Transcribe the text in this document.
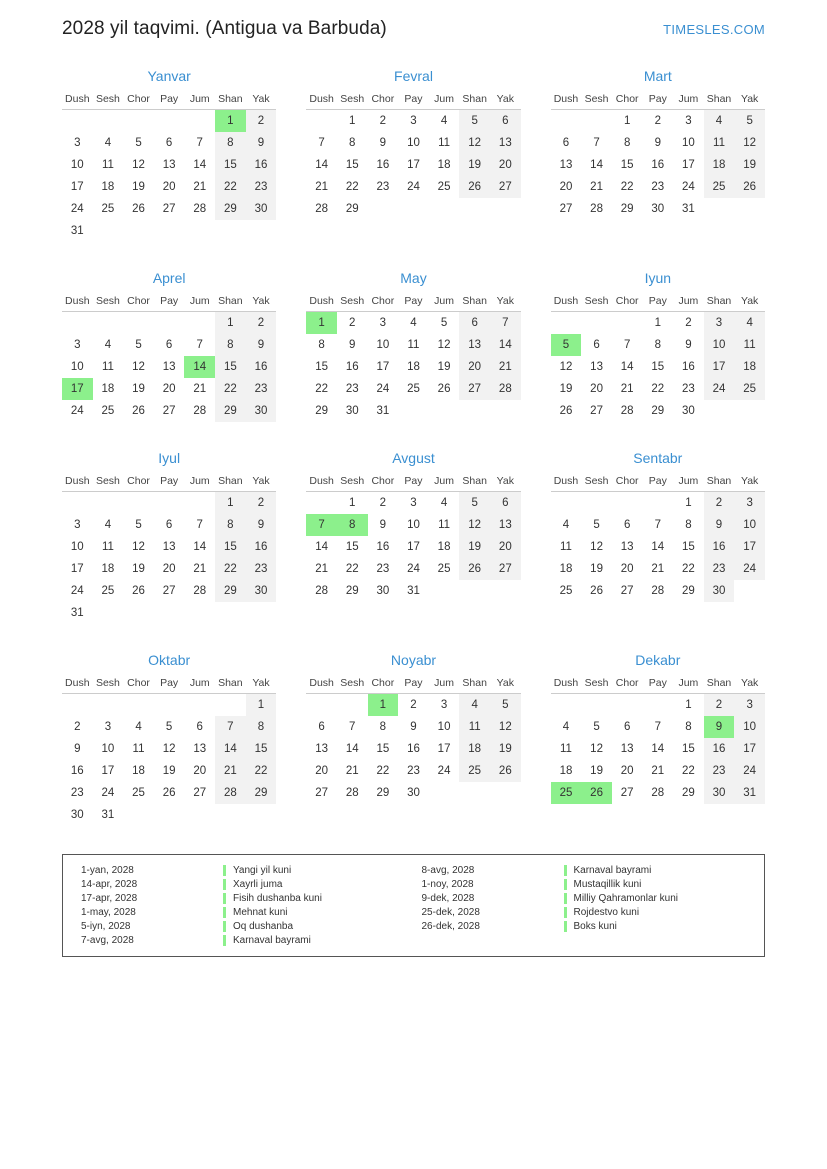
2028 yil taqvimi. (Antigua va Barbuda)	TIMESLES.COM
Yanvar
Dush	Sesh	Chor	Pay	Jum	Shan	Yak
					1	2
3	4	5	6	7	8	9
10	11	12	13	14	15	16
17	18	19	20	21	22	23
24	25	26	27	28	29	30
31						
Fevral
Dush	Sesh	Chor	Pay	Jum	Shan	Yak
	1	2	3	4	5	6
7	8	9	10	11	12	13
14	15	16	17	18	19	20
21	22	23	24	25	26	27
28	29					
Mart
Dush	Sesh	Chor	Pay	Jum	Shan	Yak
		1	2	3	4	5
6	7	8	9	10	11	12
13	14	15	16	17	18	19
20	21	22	23	24	25	26
27	28	29	30	31		
Aprel
Dush	Sesh	Chor	Pay	Jum	Shan	Yak
					1	2
3	4	5	6	7	8	9
10	11	12	13	14	15	16
17	18	19	20	21	22	23
24	25	26	27	28	29	30
May
Dush	Sesh	Chor	Pay	Jum	Shan	Yak
1	2	3	4	5	6	7
8	9	10	11	12	13	14
15	16	17	18	19	20	21
22	23	24	25	26	27	28
29	30	31				
Iyun
Dush	Sesh	Chor	Pay	Jum	Shan	Yak
			1	2	3	4
5	6	7	8	9	10	11
12	13	14	15	16	17	18
19	20	21	22	23	24	25
26	27	28	29	30		
Iyul
Dush	Sesh	Chor	Pay	Jum	Shan	Yak
					1	2
3	4	5	6	7	8	9
10	11	12	13	14	15	16
17	18	19	20	21	22	23
24	25	26	27	28	29	30
31						
Avgust
Dush	Sesh	Chor	Pay	Jum	Shan	Yak
	1	2	3	4	5	6
7	8	9	10	11	12	13
14	15	16	17	18	19	20
21	22	23	24	25	26	27
28	29	30	31			
Sentabr
Dush	Sesh	Chor	Pay	Jum	Shan	Yak
				1	2	3
4	5	6	7	8	9	10
11	12	13	14	15	16	17
18	19	20	21	22	23	24
25	26	27	28	29	30	
Oktabr
Dush	Sesh	Chor	Pay	Jum	Shan	Yak
						1
2	3	4	5	6	7	8
9	10	11	12	13	14	15
16	17	18	19	20	21	22
23	24	25	26	27	28	29
30	31					
Noyabr
Dush	Sesh	Chor	Pay	Jum	Shan	Yak
		1	2	3	4	5
6	7	8	9	10	11	12
13	14	15	16	17	18	19
20	21	22	23	24	25	26
27	28	29	30			
Dekabr
Dush	Sesh	Chor	Pay	Jum	Shan	Yak
				1	2	3
4	5	6	7	8	9	10
11	12	13	14	15	16	17
18	19	20	21	22	23	24
25	26	27	28	29	30	31
1-yan, 2028	Yangi yil kuni
14-apr, 2028	Xayrli juma
17-apr, 2028	Fisih dushanba kuni
1-may, 2028	Mehnat kuni
5-iyn, 2028	Oq dushanba
7-avg, 2028	Karnaval bayrami
8-avg, 2028	Karnaval bayrami
1-noy, 2028	Mustaqillik kuni
9-dek, 2028	Milliy Qahramonlar kuni
25-dek, 2028	Rojdestvo kuni
26-dek, 2028	Boks kuni
